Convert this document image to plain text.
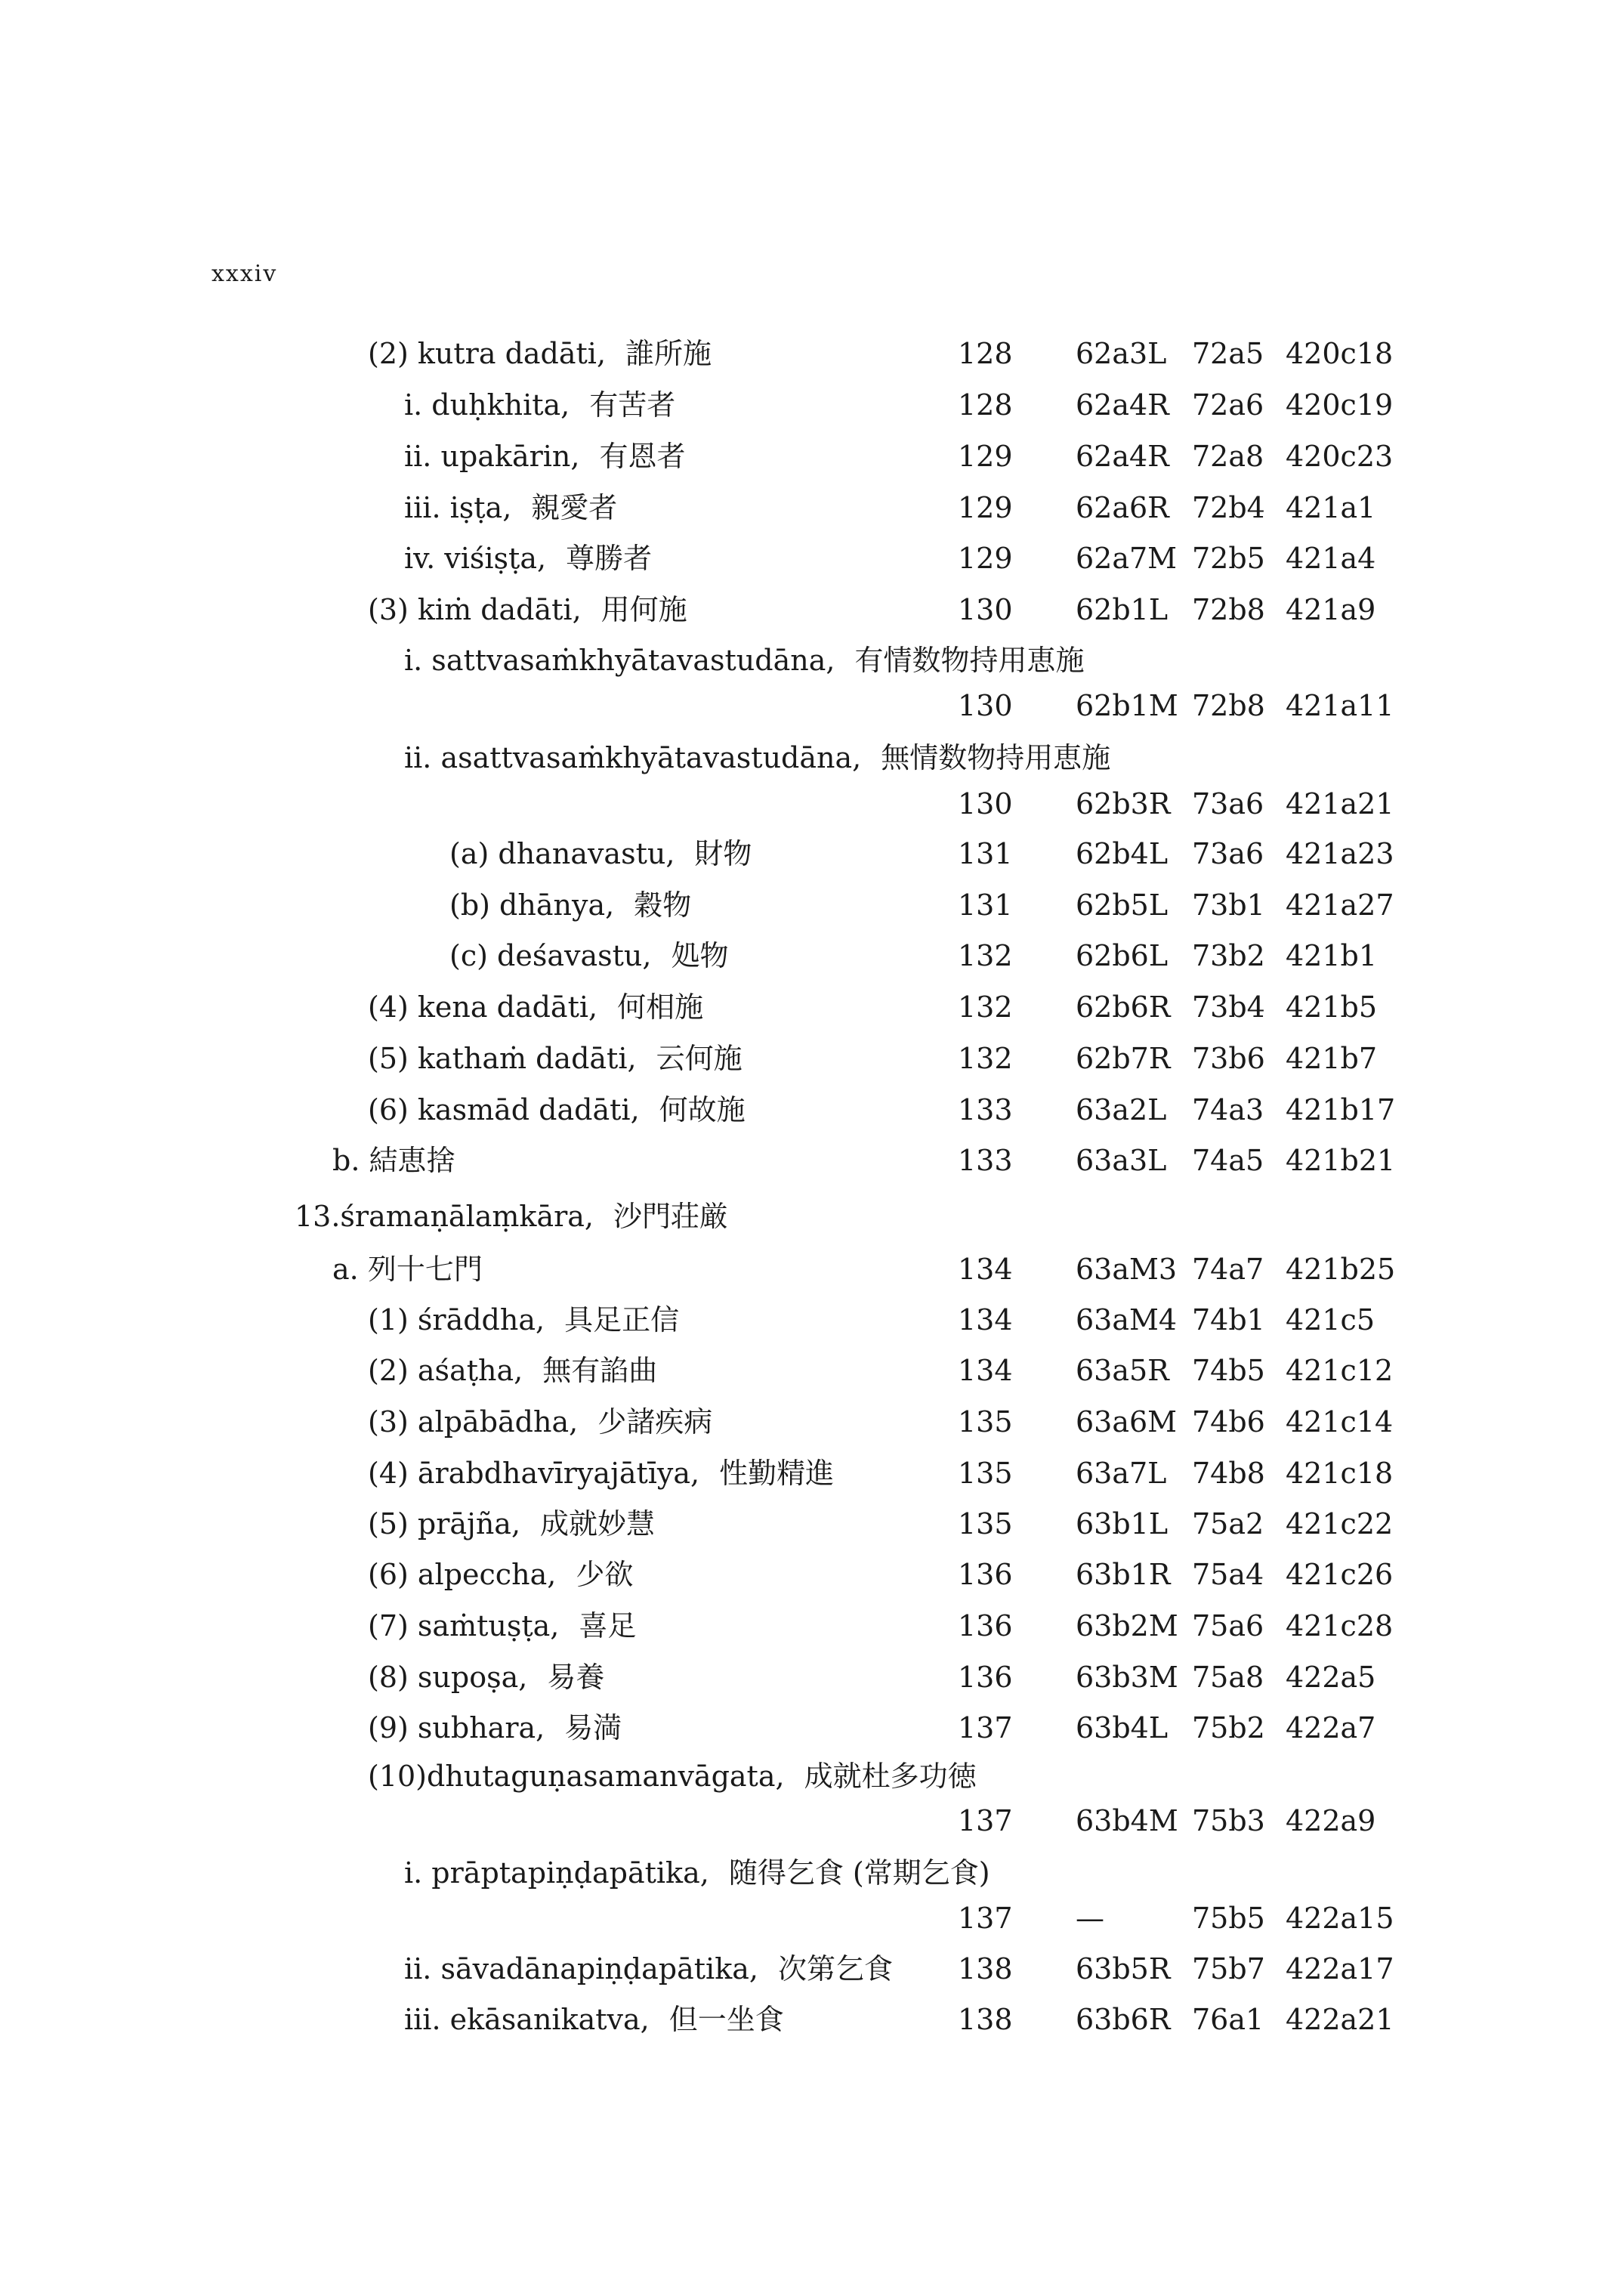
xxxiv
(2) kutra dadāti, 誰所施	128 62a3L 72a5 420c18
i. duḥkhita, 有苦者	128 62a4R 72a6 420c19
ii. upakārin, 有恩者	129 62a4R 72a8 420c23
iii. iṣṭa, 親愛者	129 62a6R 72b4 421a1
iv. viśiṣṭa, 尊勝者	129 62a7M 72b5 421a4
(3) kiṁ dadāti, 用何施	130 62b1L 72b8 421a9
i. sattvasaṁkhyātavastudāna, 有情数物持用恵施
130 62b1M 72b8 421a11
ii. asattvasaṁkhyātavastudāna, 無情数物持用恵施
130 62b3R 73a6 421a21
(a) dhanavastu, 財物	131 62b4L 73a6 421a23
(b) dhānya, 穀物	131 62b5L 73b1 421a27
(c) deśavastu, 処物	132 62b6L 73b2 421b1
(4) kena dadāti, 何相施	132 62b6R 73b4 421b5
(5) kathaṁ dadāti, 云何施	132 62b7R 73b6 421b7
(6) kasmād dadāti, 何故施	133 63a2L 74a3 421b17
b. 結恵捨	133 63a3L 74a5 421b21
13.śramaṇālaṃkāra, 沙門荘厳
a. 列十七門	134 63aM3 74a7 421b25
(1) śrāddha, 具足正信	134 63aM4 74b1 421c5
(2) aśaṭha, 無有諂曲	134 63a5R 74b5 421c12
(3) alpābādha, 少諸疾病	135 63a6M 74b6 421c14
(4) ārabdhavīryajātīya, 性勤精進	135 63a7L 74b8 421c18
(5) prājña, 成就妙慧	135 63b1L 75a2 421c22
(6) alpeccha, 少欲	136 63b1R 75a4 421c26
(7) saṁtuṣṭa, 喜足	136 63b2M 75a6 421c28
(8) supoṣa, 易養	136 63b3M 75a8 422a5
(9) subhara, 易満	137 63b4L 75b2 422a7
(10)dhutaguṇasamanvāgata, 成就杜多功徳
137 63b4M 75b3 422a9
i. prāptapiṇḍapātika, 随得乞食 (常期乞食)
137 —	75b5 422a15
ii. sāvadānapiṇḍapātika, 次第乞食 138 63b5R 75b7 422a17
iii. ekāsanikatva, 但一坐食	138 63b6R 76a1 422a21
